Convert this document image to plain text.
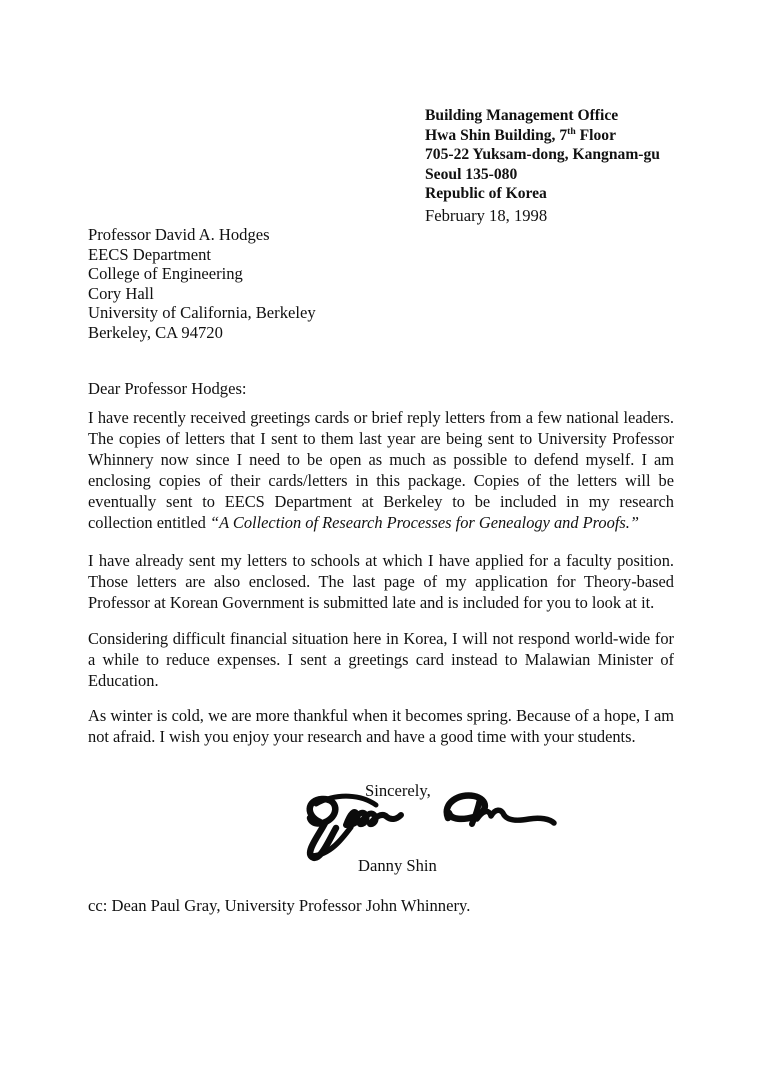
Building Management Office
Hwa Shin Building, 7th Floor
705-22 Yuksam-dong, Kangnam-gu
Seoul 135-080
Republic of Korea
February 18, 1998
Professor David A. Hodges
EECS Department
College of Engineering
Cory Hall
University of California, Berkeley
Berkeley, CA 94720
Dear Professor Hodges:
I have recently received greetings cards or brief reply letters from a few national leaders. The copies of letters that I sent to them last year are being sent to University Professor Whinnery now since I need to be open as much as possible to defend myself. I am enclosing copies of their cards/letters in this package. Copies of the letters will be eventually sent to EECS Department at Berkeley to be included in my research collection entitled “A Collection of Research Processes for Genealogy and Proofs.”
I have already sent my letters to schools at which I have applied for a faculty position. Those letters are also enclosed. The last page of my application for Theory-based Professor at Korean Government is submitted late and is included for you to look at it.
Considering difficult financial situation here in Korea, I will not respond world-wide for a while to reduce expenses. I sent a greetings card instead to Malawian Minister of Education.
As winter is cold, we are more thankful when it becomes spring. Because of a hope, I am not afraid. I wish you enjoy your research and have a good time with your students.
Sincerely,
Danny Shin
cc: Dean Paul Gray, University Professor John Whinnery.
